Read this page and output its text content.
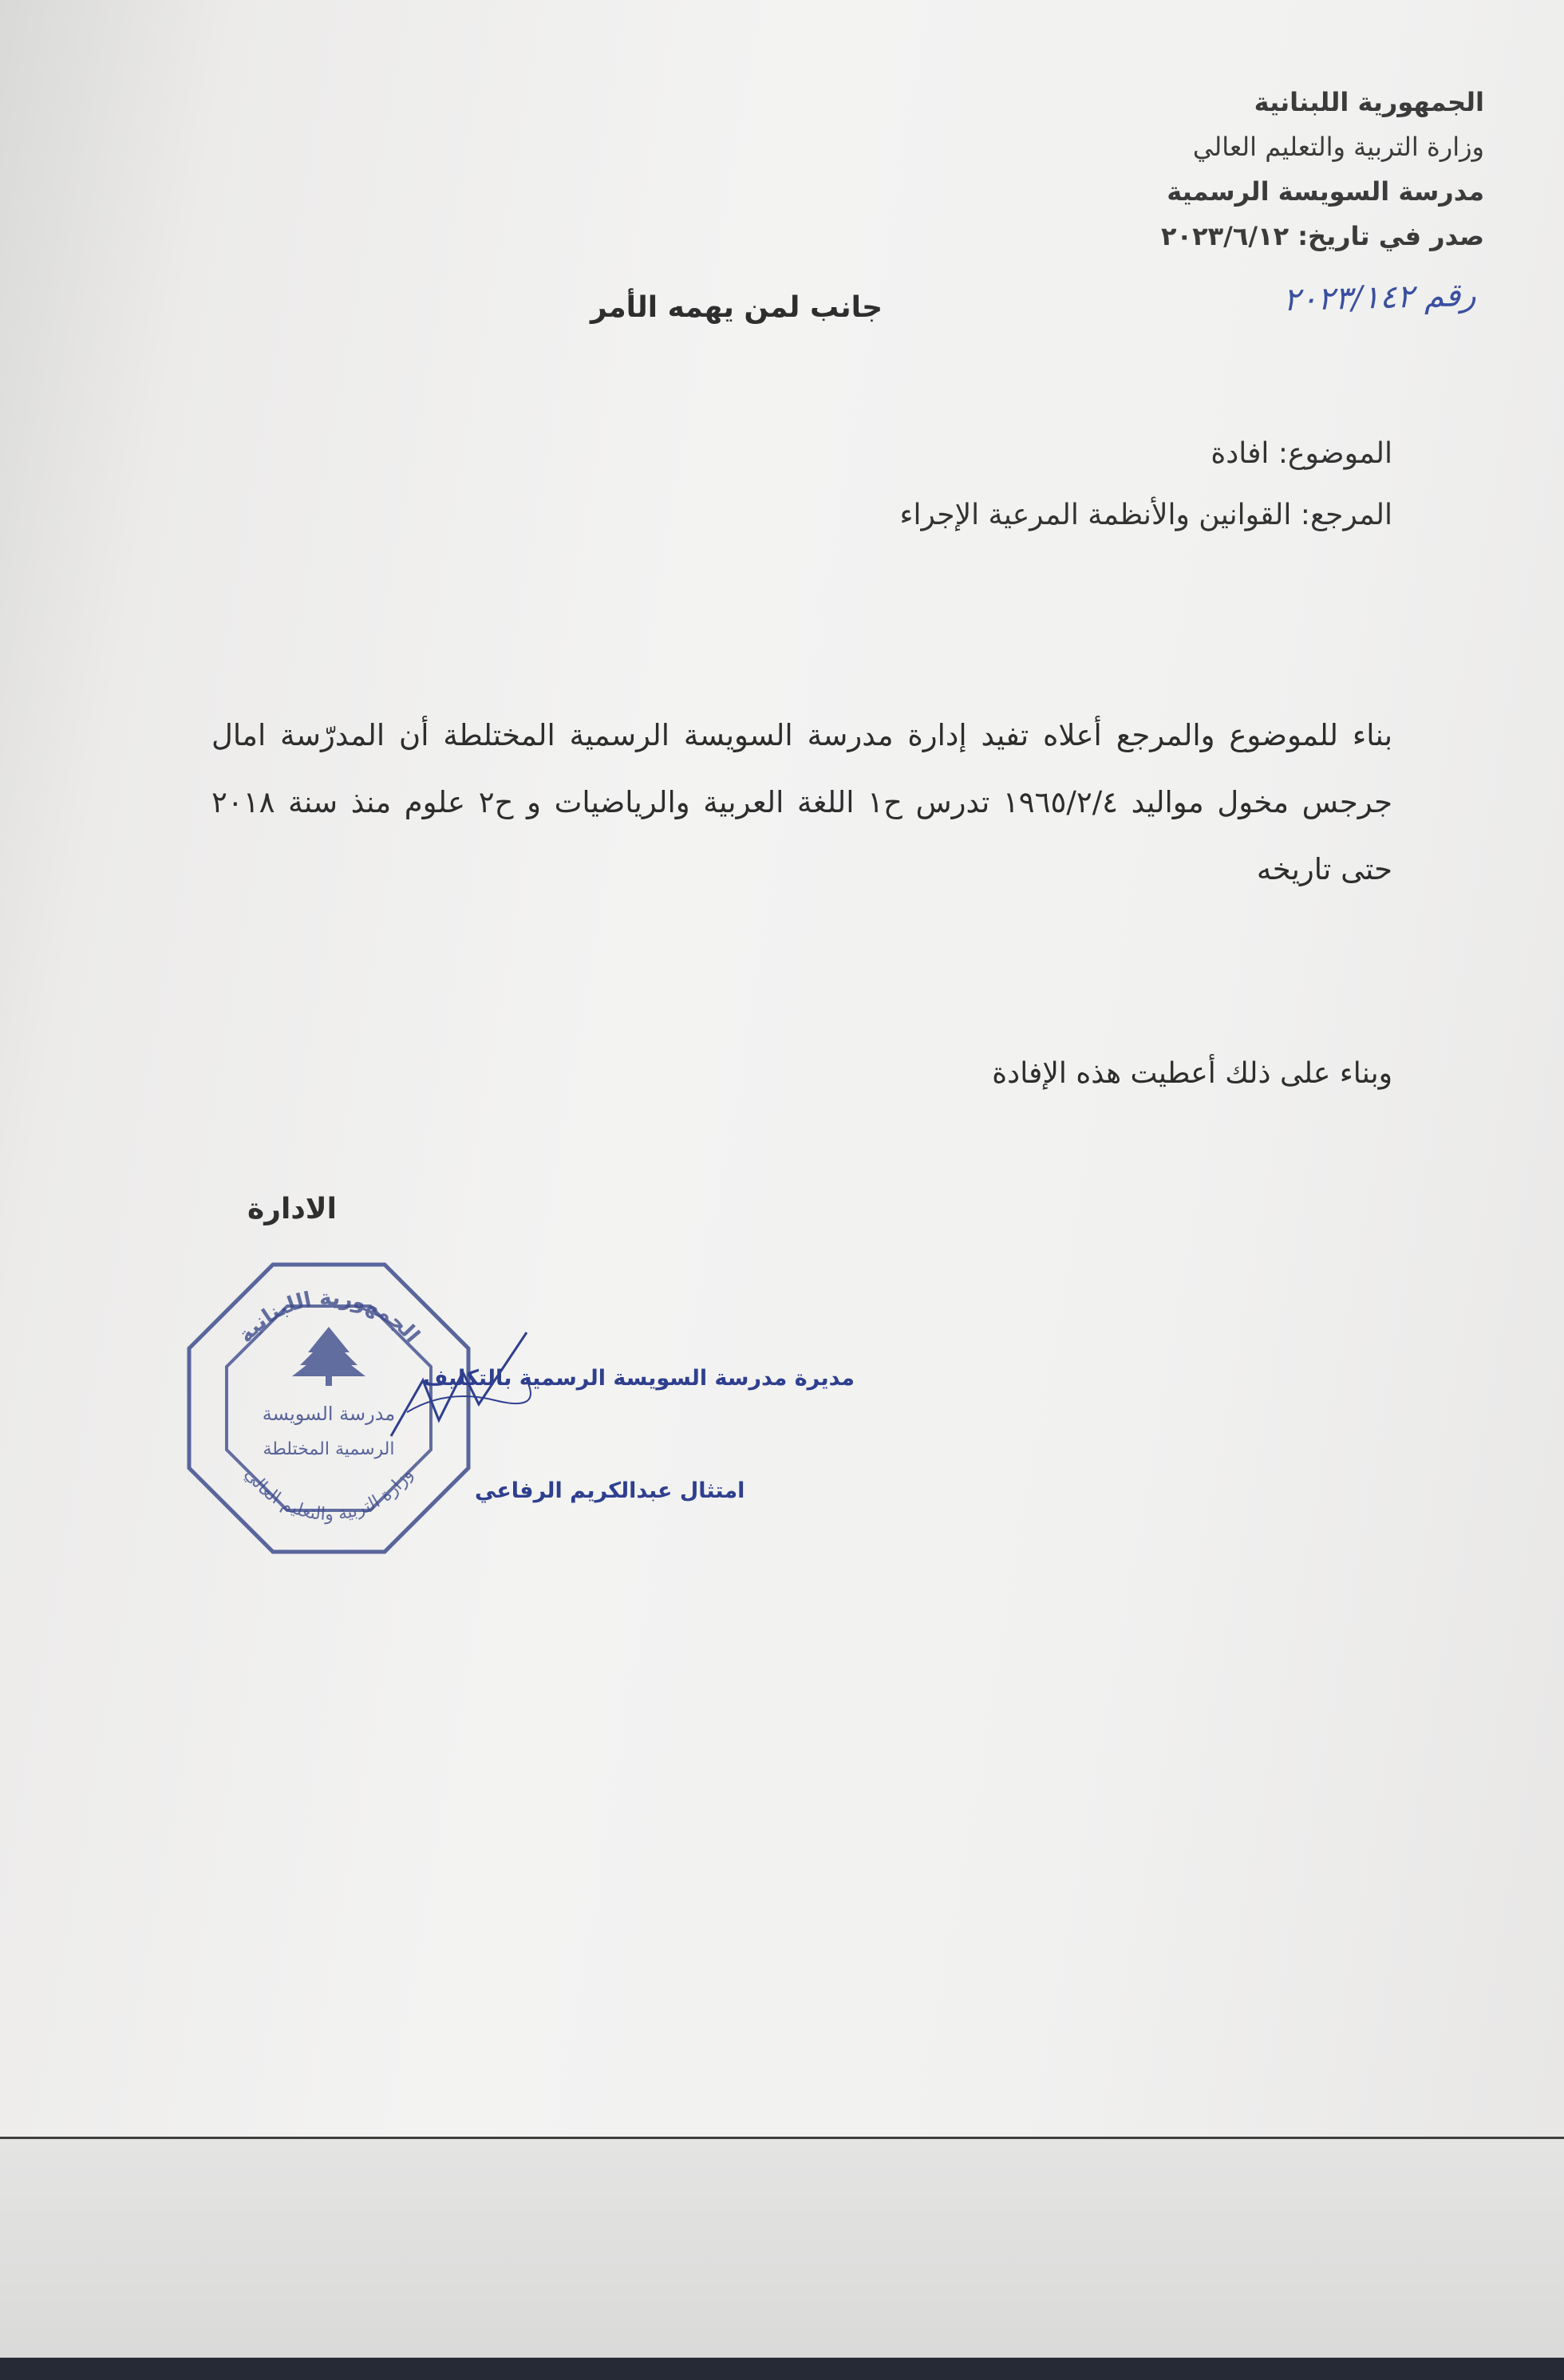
الجمهورية اللبنانية
وزارة التربية والتعليم العالي
مدرسة السويسة الرسمية
صدر في تاريخ: ٢٠٢٣/٦/١٢
رقم ٢٠٢٣/١٤٢
جانب لمن يهمه الأمر
الموضوع: افادة
المرجع: القوانين والأنظمة المرعية الإجراء
بناء للموضوع والمرجع أعلاه تفيد إدارة مدرسة السويسة الرسمية المختلطة أن المدرّسة امال جرجس مخول مواليد ١٩٦٥/٢/٤ تدرس ح١ اللغة العربية والرياضيات و ح٢ علوم منذ سنة ٢٠١٨ حتى تاريخه
وبناء على ذلك أعطيت هذه الإفادة
الادارة
الجمهورية اللبنانية
وزارة التربية والتعليم العالي
مدرسة السويسة
الرسمية المختلطة
مديرة مدرسة السويسة الرسمية بالتكليف
امتثال عبدالكريم الرفاعي
